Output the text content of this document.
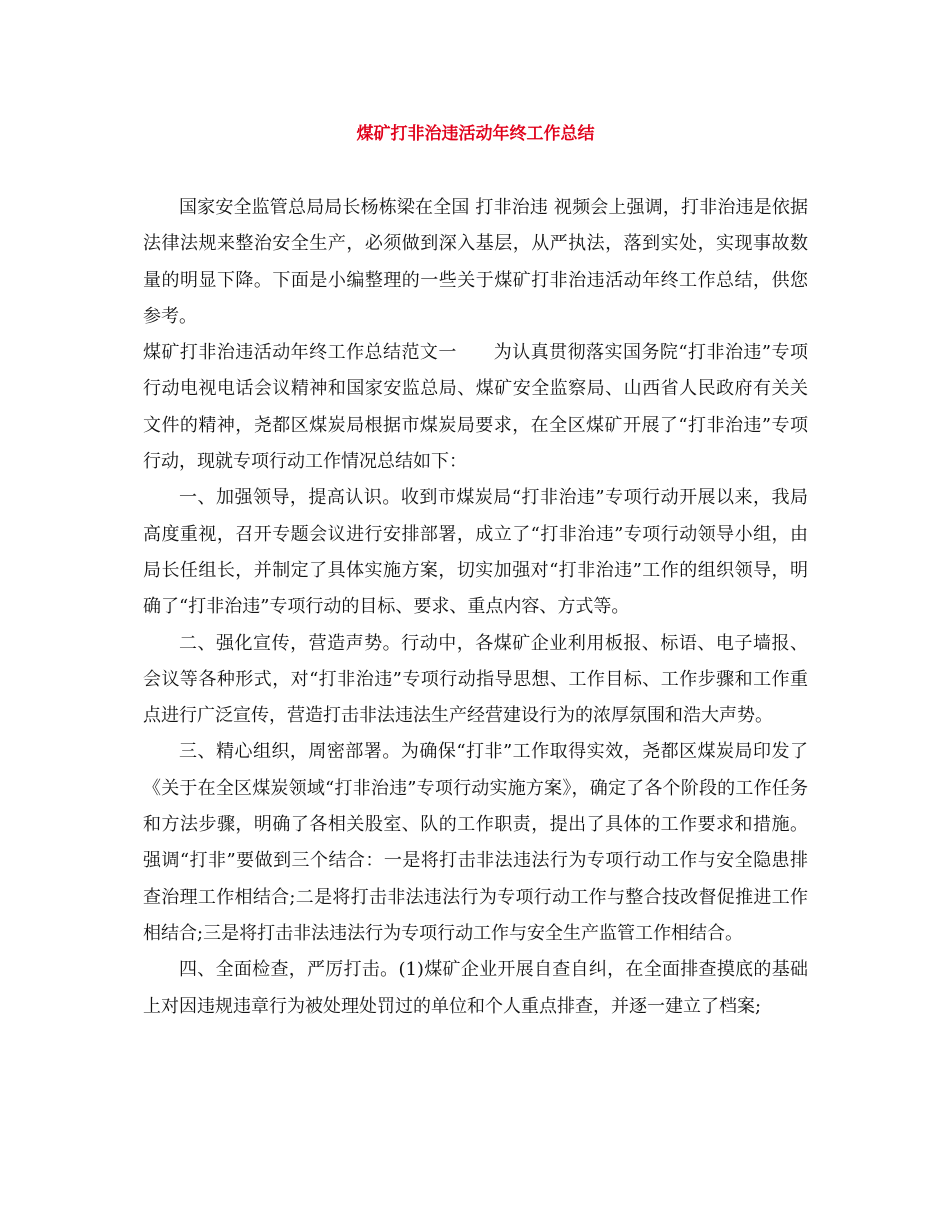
煤矿打非治违活动年终工作总结

国家安全监管总局局长杨栋梁在全国 打非治违 视频会上强调，打非治违是依据法律法规来整治安全生产，必须做到深入基层，从严执法，落到实处，实现事故数量的明显下降。下面是小编整理的一些关于煤矿打非治违活动年终工作总结，供您参考。

煤矿打非治违活动年终工作总结范文一　　为认真贯彻落实国务院“打非治违”专项行动电视电话会议精神和国家安监总局、煤矿安全监察局、山西省人民政府有关关文件的精神，尧都区煤炭局根据市煤炭局要求，在全区煤矿开展了“打非治违”专项行动，现就专项行动工作情况总结如下：

一、加强领导，提高认识。收到市煤炭局“打非治违”专项行动开展以来，我局高度重视，召开专题会议进行安排部署，成立了“打非治违”专项行动领导小组，由局长任组长，并制定了具体实施方案，切实加强对“打非治违”工作的组织领导，明确了“打非治违”专项行动的目标、要求、重点内容、方式等。

二、强化宣传，营造声势。行动中，各煤矿企业利用板报、标语、电子墙报、会议等各种形式，对“打非治违”专项行动指导思想、工作目标、工作步骤和工作重点进行广泛宣传，营造打击非法违法生产经营建设行为的浓厚氛围和浩大声势。

三、精心组织，周密部署。为确保“打非”工作取得实效，尧都区煤炭局印发了《关于在全区煤炭领域“打非治违”专项行动实施方案》，确定了各个阶段的工作任务和方法步骤，明确了各相关股室、队的工作职责，提出了具体的工作要求和措施。强调“打非”要做到三个结合：一是将打击非法违法行为专项行动工作与安全隐患排查治理工作相结合;二是将打击非法违法行为专项行动工作与整合技改督促推进工作相结合;三是将打击非法违法行为专项行动工作与安全生产监管工作相结合。

四、全面检查，严厉打击。(1)煤矿企业开展自查自纠，在全面排查摸底的基础上对因违规违章行为被处理处罚过的单位和个人重点排查，并逐一建立了档案;
